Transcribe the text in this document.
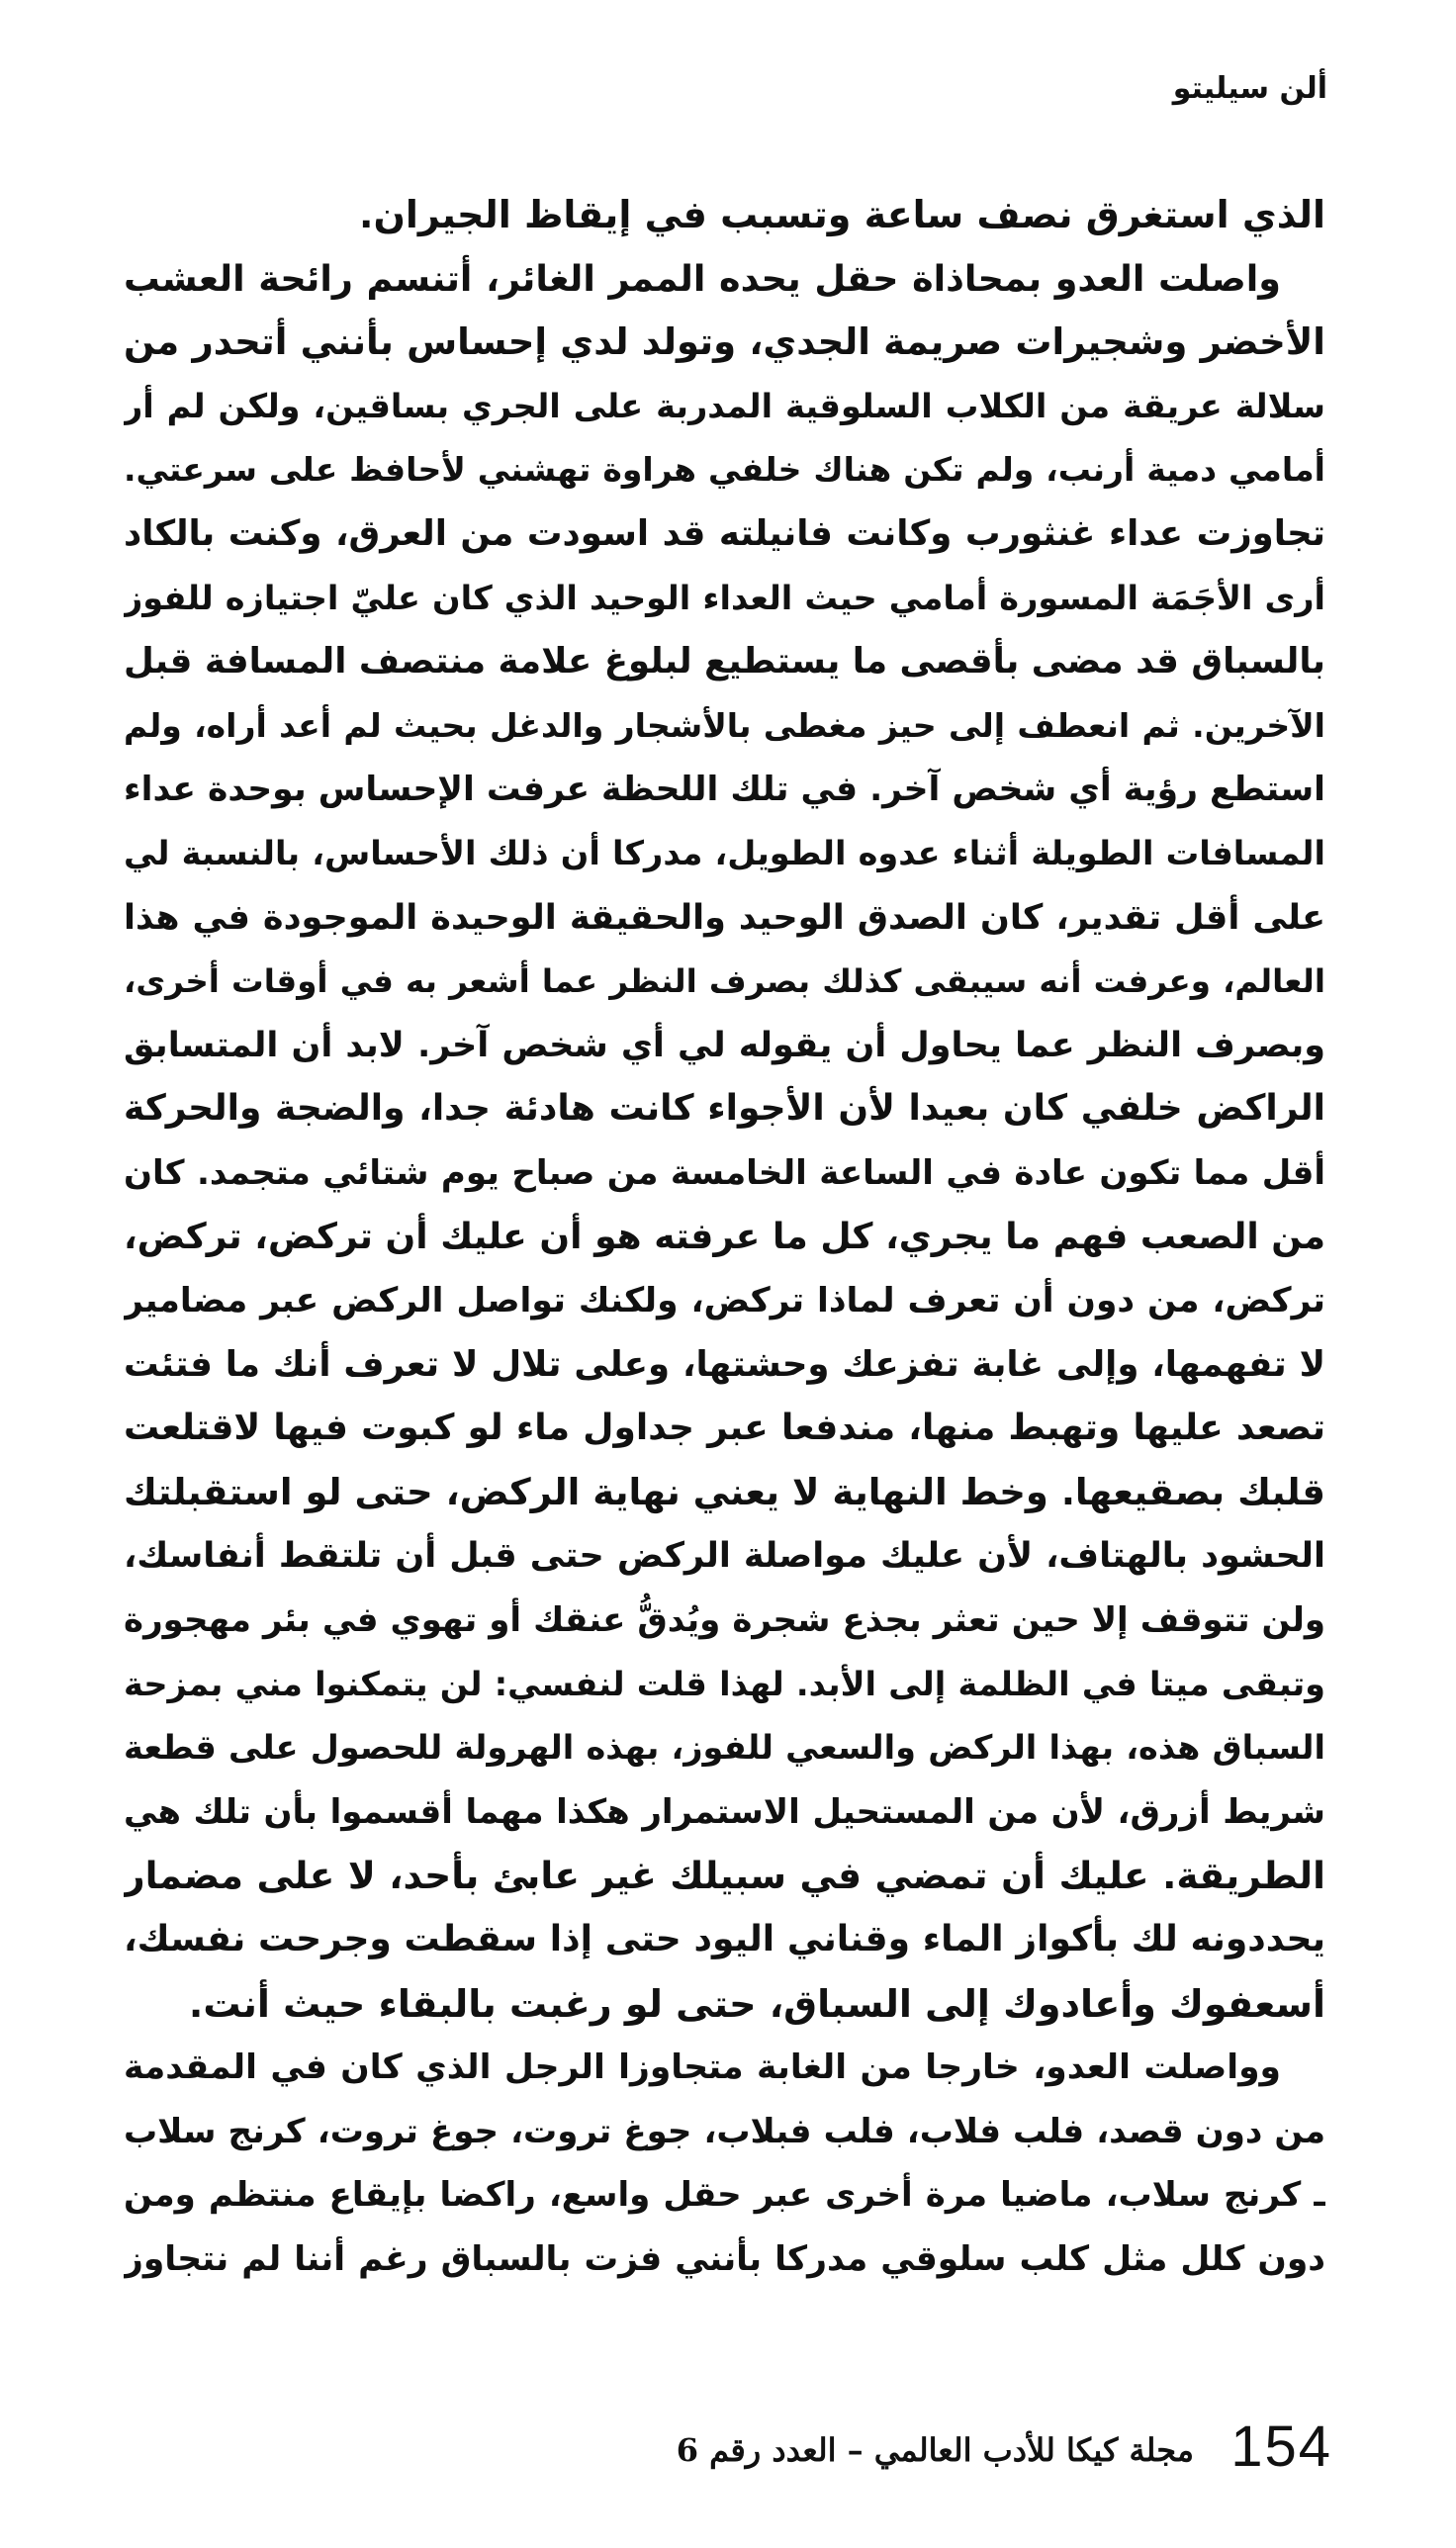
ألن سيليتو
الذي استغرق نصف ساعة وتسبب في إيقاظ الجيران.
واصلت العدو بمحاذاة حقل يحده الممر الغائر، أتنسم رائحة العشب
الأخضر وشجيرات صريمة الجدي، وتولد لدي إحساس بأنني أتحدر من
سلالة عريقة من الكلاب السلوقية المدربة على الجري بساقين، ولكن لم أر
أمامي دمية أرنب، ولم تكن هناك خلفي هراوة تهشني لأحافظ على سرعتي.
تجاوزت عداء غنثورب وكانت فانيلته قد اسودت من العرق، وكنت بالكاد
أرى الأجَمَة المسورة أمامي حيث العداء الوحيد الذي كان عليّ اجتيازه للفوز
بالسباق قد مضى بأقصى ما يستطيع لبلوغ علامة منتصف المسافة قبل
الآخرين. ثم انعطف إلى حيز مغطى بالأشجار والدغل بحيث لم أعد أراه، ولم
استطع رؤية أي شخص آخر. في تلك اللحظة عرفت الإحساس بوحدة عداء
المسافات الطويلة أثناء عدوه الطويل، مدركا أن ذلك الأحساس، بالنسبة لي
على أقل تقدير، كان الصدق الوحيد والحقيقة الوحيدة الموجودة في هذا
العالم، وعرفت أنه سيبقى كذلك بصرف النظر عما أشعر به في أوقات أخرى،
وبصرف النظر عما يحاول أن يقوله لي أي شخص آخر. لابد أن المتسابق
الراكض خلفي كان بعيدا لأن الأجواء كانت هادئة جدا، والضجة والحركة
أقل مما تكون عادة في الساعة الخامسة من صباح يوم شتائي متجمد. كان
من الصعب فهم ما يجري، كل ما عرفته هو أن عليك أن تركض، تركض،
تركض، من دون أن تعرف لماذا تركض، ولكنك تواصل الركض عبر مضامير
لا تفهمها، وإلى غابة تفزعك وحشتها، وعلى تلال لا تعرف أنك ما فتئت
تصعد عليها وتهبط منها، مندفعا عبر جداول ماء لو كبوت فيها لاقتلعت
قلبك بصقيعها. وخط النهاية لا يعني نهاية الركض، حتى لو استقبلتك
الحشود بالهتاف، لأن عليك مواصلة الركض حتى قبل أن تلتقط أنفاسك،
ولن تتوقف إلا حين تعثر بجذع شجرة ويُدقُّ عنقك أو تهوي في بئر مهجورة
وتبقى ميتا في الظلمة إلى الأبد. لهذا قلت لنفسي: لن يتمكنوا مني بمزحة
السباق هذه، بهذا الركض والسعي للفوز، بهذه الهرولة للحصول على قطعة
شريط أزرق، لأن من المستحيل الاستمرار هكذا مهما أقسموا بأن تلك هي
الطريقة. عليك أن تمضي في سبيلك غير عابئ بأحد، لا على مضمار
يحددونه لك بأكواز الماء وقناني اليود حتى إذا سقطت وجرحت نفسك،
أسعفوك وأعادوك إلى السباق، حتى لو رغبت بالبقاء حيث أنت.
وواصلت العدو، خارجا من الغابة متجاوزا الرجل الذي كان في المقدمة
من دون قصد، فلب فلاب، فلب فبلاب، جوغ تروت، جوغ تروت، كرنج سلاب
ـ كرنج سلاب، ماضيا مرة أخرى عبر حقل واسع، راكضا بإيقاع منتظم ومن
دون كلل مثل كلب سلوقي مدركا بأنني فزت بالسباق رغم أننا لم نتجاوز
154
مجلة كيكا للأدب العالمي – العدد رقم 6
